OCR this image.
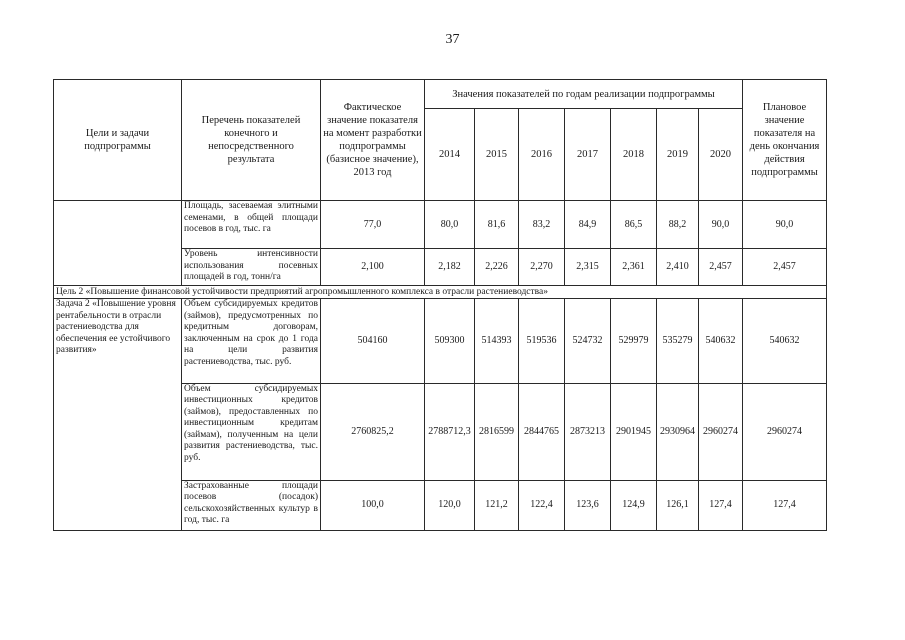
37
Цели и задачи подпрограммы	Перечень показателей конечного и непосредственного результата	Фактическое значение показателя на момент разработки подпрограммы (базисное значение), 2013 год	Значения показателей по годам реализации подпрограммы							Плановое значение показателя на день окончания действия подпрограммы
			2014	2015	2016	2017	2018	2019	2020	
	Площадь, засеваемая элитными семенами, в общей площади посевов в год, тыс. га	77,0	80,0	81,6	83,2	84,9	86,5	88,2	90,0	90,0
	Уровень интенсивности использования посевных площадей в год, тонн/га	2,100	2,182	2,226	2,270	2,315	2,361	2,410	2,457	2,457
Цель 2 «Повышение финансовой устойчивости предприятий агропромышленного комплекса в отрасли растениеводства»										
Задача 2 «Повышение уровня рентабельности в отрасли растениеводства для обеспечения ее устойчивого развития»	Объем субсидируемых кредитов (займов), предусмотренных по кредитным договорам, заключенным на срок до 1 года на цели развития растениеводства, тыс. руб.	504160	509300	514393	519536	524732	529979	535279	540632	540632
	Объем субсидируемых инвестиционных кредитов (займов), предоставленных по инвестиционным кредитам (займам), полученным на цели развития растениеводства, тыс. руб.	2760825,2	2788712,3	2816599	2844765	2873213	2901945	2930964	2960274	2960274
	Застрахованные площади посевов (посадок) сельскохозяйственных культур в год, тыс. га	100,0	120,0	121,2	122,4	123,6	124,9	126,1	127,4	127,4
